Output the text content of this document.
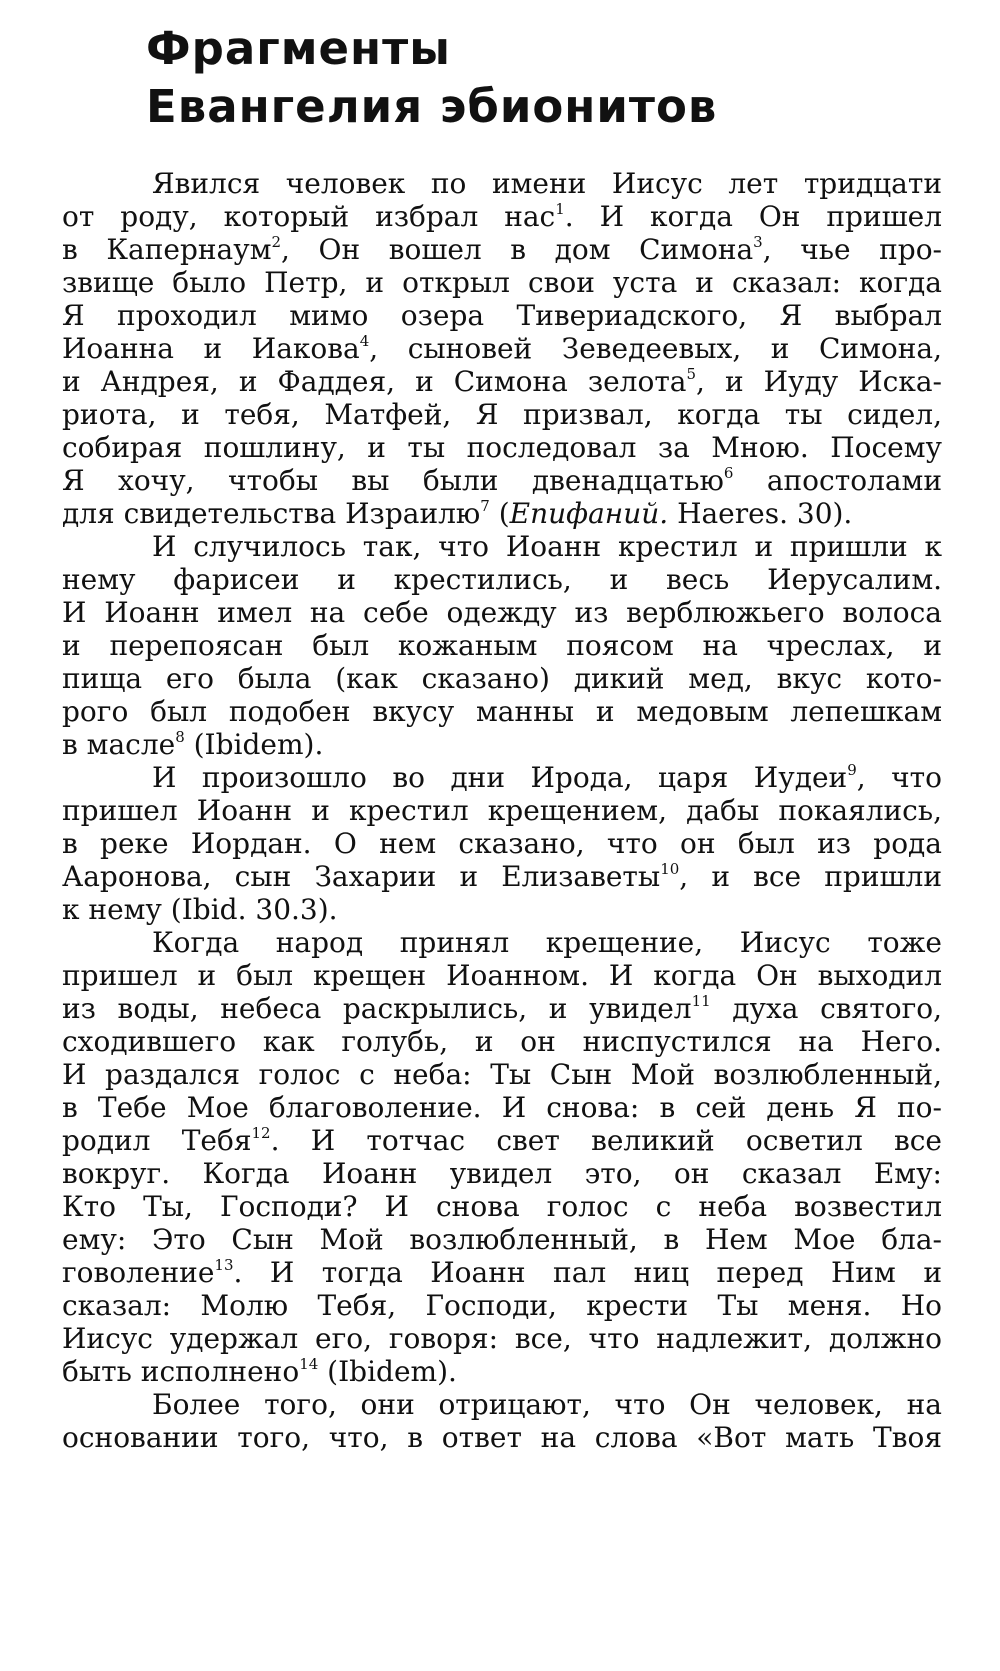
Фрагменты
Евангелия эбионитов
Явился человек по имени Иисус лет тридцати
от роду, который избрал нас$^1$. И когда Он пришел
в Капернаум$^2$, Он вошел в дом Симона$^3$, чье про-
звище было Петр, и открыл свои уста и сказал: когда
Я проходил мимо озера Тивериадского, Я выбрал
Иоанна и Иакова$^4$, сыновей Зеведеевых, и Симона,
и Андрея, и Фаддея, и Симона зелота$^5$, и Иуду Иска-
риота, и тебя, Матфей, Я призвал, когда ты сидел,
собирая пошлину, и ты последовал за Мною. Посему
Я хочу, чтобы вы были двенадцатью$^6$ апостолами
для свидетельства Израилю$^7$ (Епифаний. Haeres. 30).
И случилось так, что Иоанн крестил и пришли к
нему фарисеи и крестились, и весь Иерусалим.
И Иоанн имел на себе одежду из верблюжьего волоса
и перепоясан был кожаным поясом на чреслах, и
пища его была (как сказано) дикий мед, вкус кото-
рого был подобен вкусу манны и медовым лепешкам
в масле$^8$ (Ibidem).
И произошло во дни Ирода, царя Иудеи$^9$, что
пришел Иоанн и крестил крещением, дабы покаялись,
в реке Иордан. О нем сказано, что он был из рода
Ааронова, сын Захарии и Елизаветы$^{10}$, и все пришли
к нему (Ibid. 30.3).
Когда народ принял крещение, Иисус тоже
пришел и был крещен Иоанном. И когда Он выходил
из воды, небеса раскрылись, и увидел$^{11}$ духа святого,
сходившего как голубь, и он ниспустился на Него.
И раздался голос с неба: Ты Сын Мой возлюбленный,
в Тебе Мое благоволение. И снова: в сей день Я по-
родил Тебя$^{12}$. И тотчас свет великий осветил все
вокруг. Когда Иоанн увидел это, он сказал Ему:
Кто Ты, Господи? И снова голос с неба возвестил
ему: Это Сын Мой возлюбленный, в Нем Мое бла-
говоление$^{13}$. И тогда Иоанн пал ниц перед Ним и
сказал: Молю Тебя, Господи, крести Ты меня. Но
Иисус удержал его, говоря: все, что надлежит, должно
быть исполнено$^{14}$ (Ibidem).
Более того, они отрицают, что Он человек, на
основании того, что, в ответ на слова «Вот мать Твоя
